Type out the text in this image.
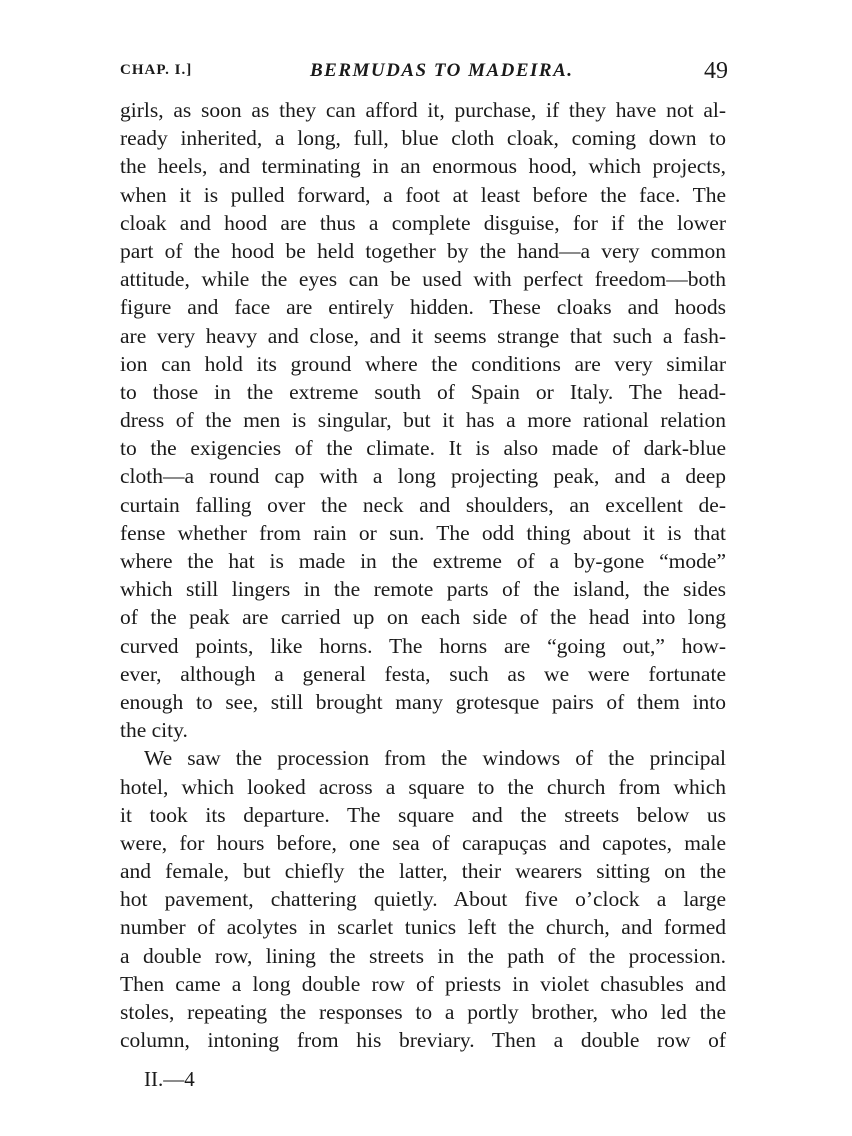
CHAP. I.]	BERMUDAS TO MADEIRA.	49
girls, as soon as they can afford it, purchase, if they have not al-
ready inherited, a long, full, blue cloth cloak, coming down to
the heels, and terminating in an enormous hood, which projects,
when it is pulled forward, a foot at least before the face. The
cloak and hood are thus a complete disguise, for if the lower
part of the hood be held together by the hand—a very common
attitude, while the eyes can be used with perfect freedom—both
figure and face are entirely hidden. These cloaks and hoods
are very heavy and close, and it seems strange that such a fash-
ion can hold its ground where the conditions are very similar
to those in the extreme south of Spain or Italy. The head-
dress of the men is singular, but it has a more rational relation
to the exigencies of the climate. It is also made of dark-blue
cloth—a round cap with a long projecting peak, and a deep
curtain falling over the neck and shoulders, an excellent de-
fense whether from rain or sun. The odd thing about it is that
where the hat is made in the extreme of a by-gone “mode”
which still lingers in the remote parts of the island, the sides
of the peak are carried up on each side of the head into long
curved points, like horns. The horns are “going out,” how-
ever, although a general festa, such as we were fortunate
enough to see, still brought many grotesque pairs of them into
the city.
We saw the procession from the windows of the principal
hotel, which looked across a square to the church from which
it took its departure. The square and the streets below us
were, for hours before, one sea of carapuças and capotes, male
and female, but chiefly the latter, their wearers sitting on the
hot pavement, chattering quietly. About five o’clock a large
number of acolytes in scarlet tunics left the church, and formed
a double row, lining the streets in the path of the procession.
Then came a long double row of priests in violet chasubles and
stoles, repeating the responses to a portly brother, who led the
column, intoning from his breviary. Then a double row of
II.—4
